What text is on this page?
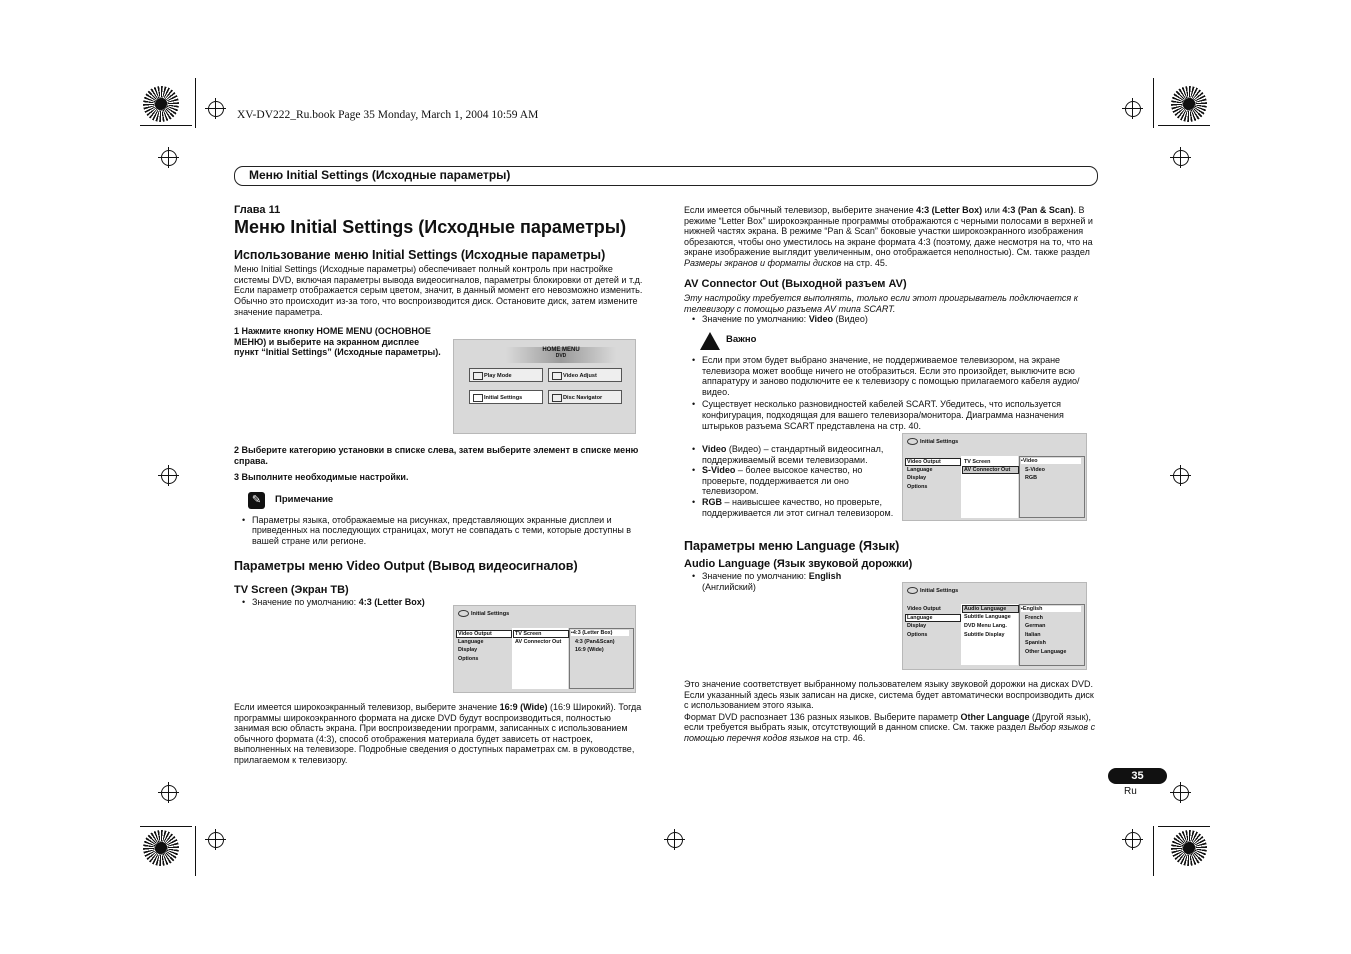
XV-DV222_Ru.book Page 35 Monday, March 1, 2004 10:59 AM
Меню Initial Settings (Исходные параметры)
Глава 11
Меню Initial Settings (Исходные параметры)
Использование меню Initial Settings (Исходные параметры)

Меню Initial Settings (Исходные параметры) обеспечивает полный контроль при настройке системы DVD, включая параметры вывода видеосигналов, параметры блокировки от детей и т.д.

Если параметр отображается серым цветом, значит, в данный момент его невозможно изменить. Обычно это происходит из-за того, что воспроизводится диск. Остановите диск, затем измените значение параметра.

1 Нажмите кнопку HOME MENU (ОСНОВНОЕ МЕНЮ) и выберите на экранном дисплее пункт “Initial Settings” (Исходные параметры).	HOME MENU
DVD
Play Mode	Video Adjust
Initial Settings	Disc Navigator

2 Выберите категорию установки в списке слева, затем выберите элемент в списке меню справа.

3 Выполните необходимые настройки.

✎	Примечание

• Параметры языка, отображаемые на рисунках, представляющих экранные дисплеи и приведенных на последующих страницах, могут не совпадать с теми, которые доступны в вашей стране или регионе.

Параметры меню Video Output (Вывод видеосигналов)
TV Screen (Экран ТВ)

• Значение по умолчанию: 4:3 (Letter Box)

Initial Settings
Video Output
Language
Display
Options
TV Screen
AV Connector Out
▪4:3 (Letter Box)
4:3 (Pan&Scan)
16:9 (Wide)

Если имеется широкоэкранный телевизор, выберите значение 16:9 (Wide) (16:9 Широкий). Тогда программы широкоэкранного формата на диске DVD будут воспроизводиться, полностью занимая всю область экрана. При воспроизведении программ, записанных с использованием обычного формата (4:3), способ отображения материала будет зависеть от настроек, выполненных на телевизоре. Подробные сведения о доступных параметрах см. в руководстве, прилагаемом к телевизору.

Если имеется обычный телевизор, выберите значение 4:3 (Letter Box) или 4:3 (Pan & Scan). В режиме “Letter Box” широкоэкранные программы отображаются с черными полосами в верхней и нижней частях экрана. В режиме “Pan & Scan” боковые участки широкоэкранного изображения обрезаются, чтобы оно уместилось на экране формата 4:3 (поэтому, даже несмотря на то, что на экране изображение выглядит увеличенным, оно отображается неполностью). См. также раздел Размеры экранов и форматы дисков на стр. 45.

AV Connector Out (Выходной разъем AV)

Эту настройку требуется выполнять, только если этот проигрыватель подключается к телевизору с помощью разъема AV типа SCART.

• Значение по умолчанию: Video (Видео)

Важно

• Если при этом будет выбрано значение, не поддерживаемое телевизором, на экране телевизора может вообще ничего не отобразиться. Если это произойдет, выключите всю аппаратуру и заново подключите ее к телевизору с помощью прилагаемого кабеля аудио/видео.

• Существует несколько разновидностей кабелей SCART. Убедитесь, что используется конфигурация, подходящая для вашего телевизора/монитора. Диаграмма назначения штырьков разъема SCART представлена на стр. 40.

• Video (Видео) – стандартный видеосигнал, поддерживаемый всеми телевизорами.

• S-Video – более высокое качество, но проверьте, поддерживается ли оно телевизором.

• RGB – наивысшее качество, но проверьте, поддерживается ли этот сигнал телевизором.

Initial Settings
Video Output
Language
Display
Options
TV Screen
AV Connector Out
▪Video
S-Video
RGB
Параметры меню Language (Язык)
Audio Language (Язык звуковой дорожки)

• Значение по умолчанию: English (Английский)	Initial Settings
Video Output
Language
Display
Options
Audio Language
Subtitle Language
DVD Menu Lang.
Subtitle Display
▪English
French
German
Italian
Spanish
Other Language

Это значение соответствует выбранному пользователем языку звуковой дорожки на дисках DVD. Если указанный здесь язык записан на диске, система будет автоматически воспроизводить диск с использованием этого языка.

Формат DVD распознает 136 разных языков. Выберите параметр Other Language (Другой язык), если требуется выбрать язык, отсутствующий в данном списке. См. также раздел Выбор языков с помощью перечня кодов языков на стр. 46.

35
Ru
